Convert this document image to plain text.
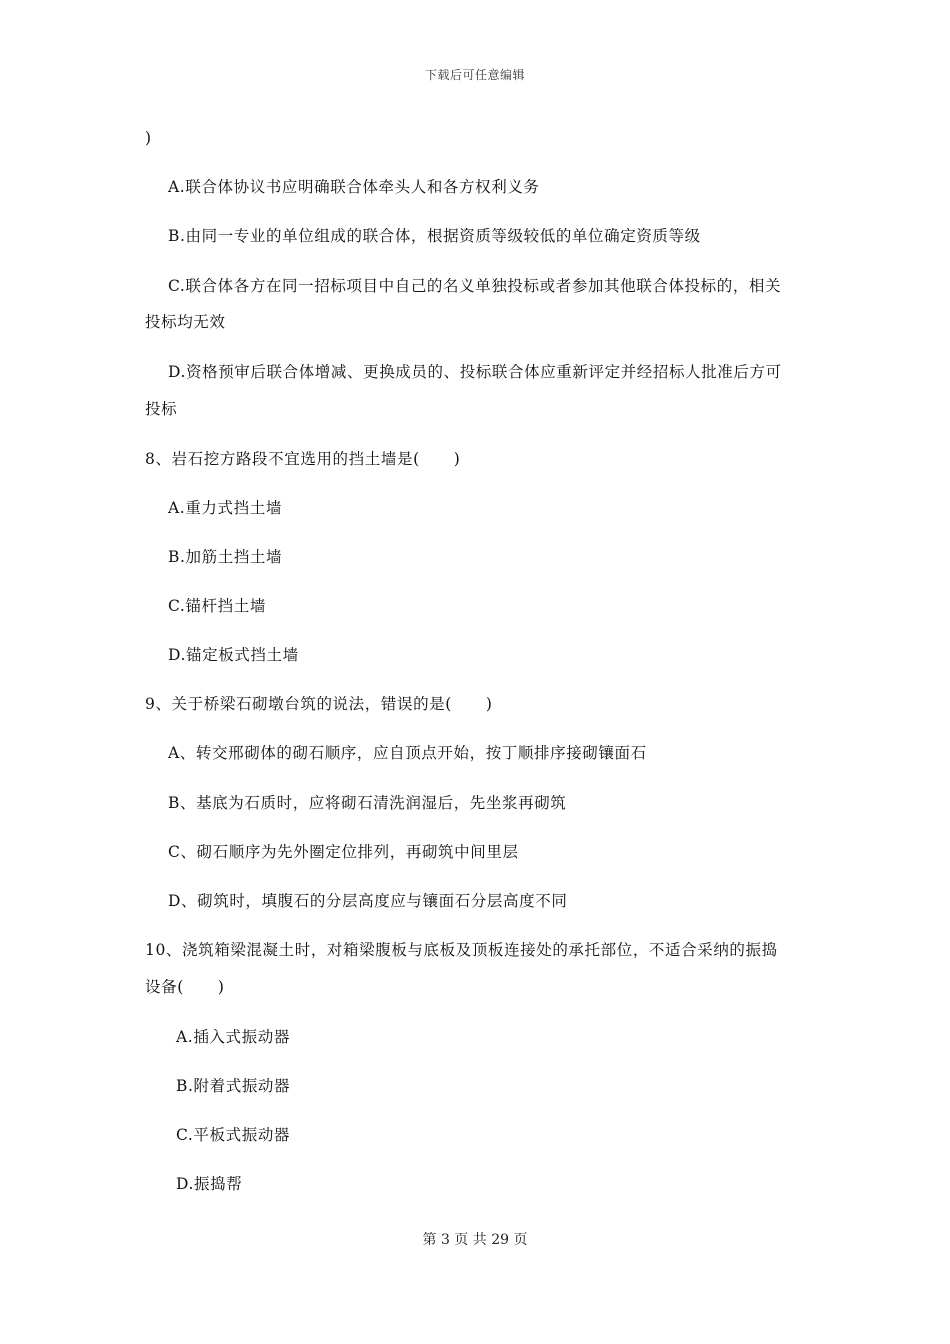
下载后可任意编辑
)
A.联合体协议书应明确联合体牵头人和各方权利义务
B.由同一专业的单位组成的联合体，根据资质等级较低的单位确定资质等级
C.联合体各方在同一招标项目中自己的名义单独投标或者参加其他联合体投标的，相关
投标均无效
D.资格预审后联合体增减、更换成员的、投标联合体应重新评定并经招标人批准后方可
投标
8、岩石挖方路段不宜选用的挡土墙是( )
A.重力式挡土墙
B.加筋土挡土墙
C.锚杆挡土墙
D.锚定板式挡土墙
9、关于桥梁石砌墩台筑的说法，错误的是( )
A、转交邢砌体的砌石顺序，应自顶点开始，按丁顺排序接砌镶面石
B、基底为石质时，应将砌石清洗润湿后，先坐浆再砌筑
C、砌石顺序为先外圈定位排列，再砌筑中间里层
D、砌筑时，填腹石的分层高度应与镶面石分层高度不同
10、浇筑箱梁混凝土时，对箱梁腹板与底板及顶板连接处的承托部位，不适合采纳的振捣
设备( )
A.插入式振动器
B.附着式振动器
C.平板式振动器
D.振捣帮
第 3 页 共 29 页
